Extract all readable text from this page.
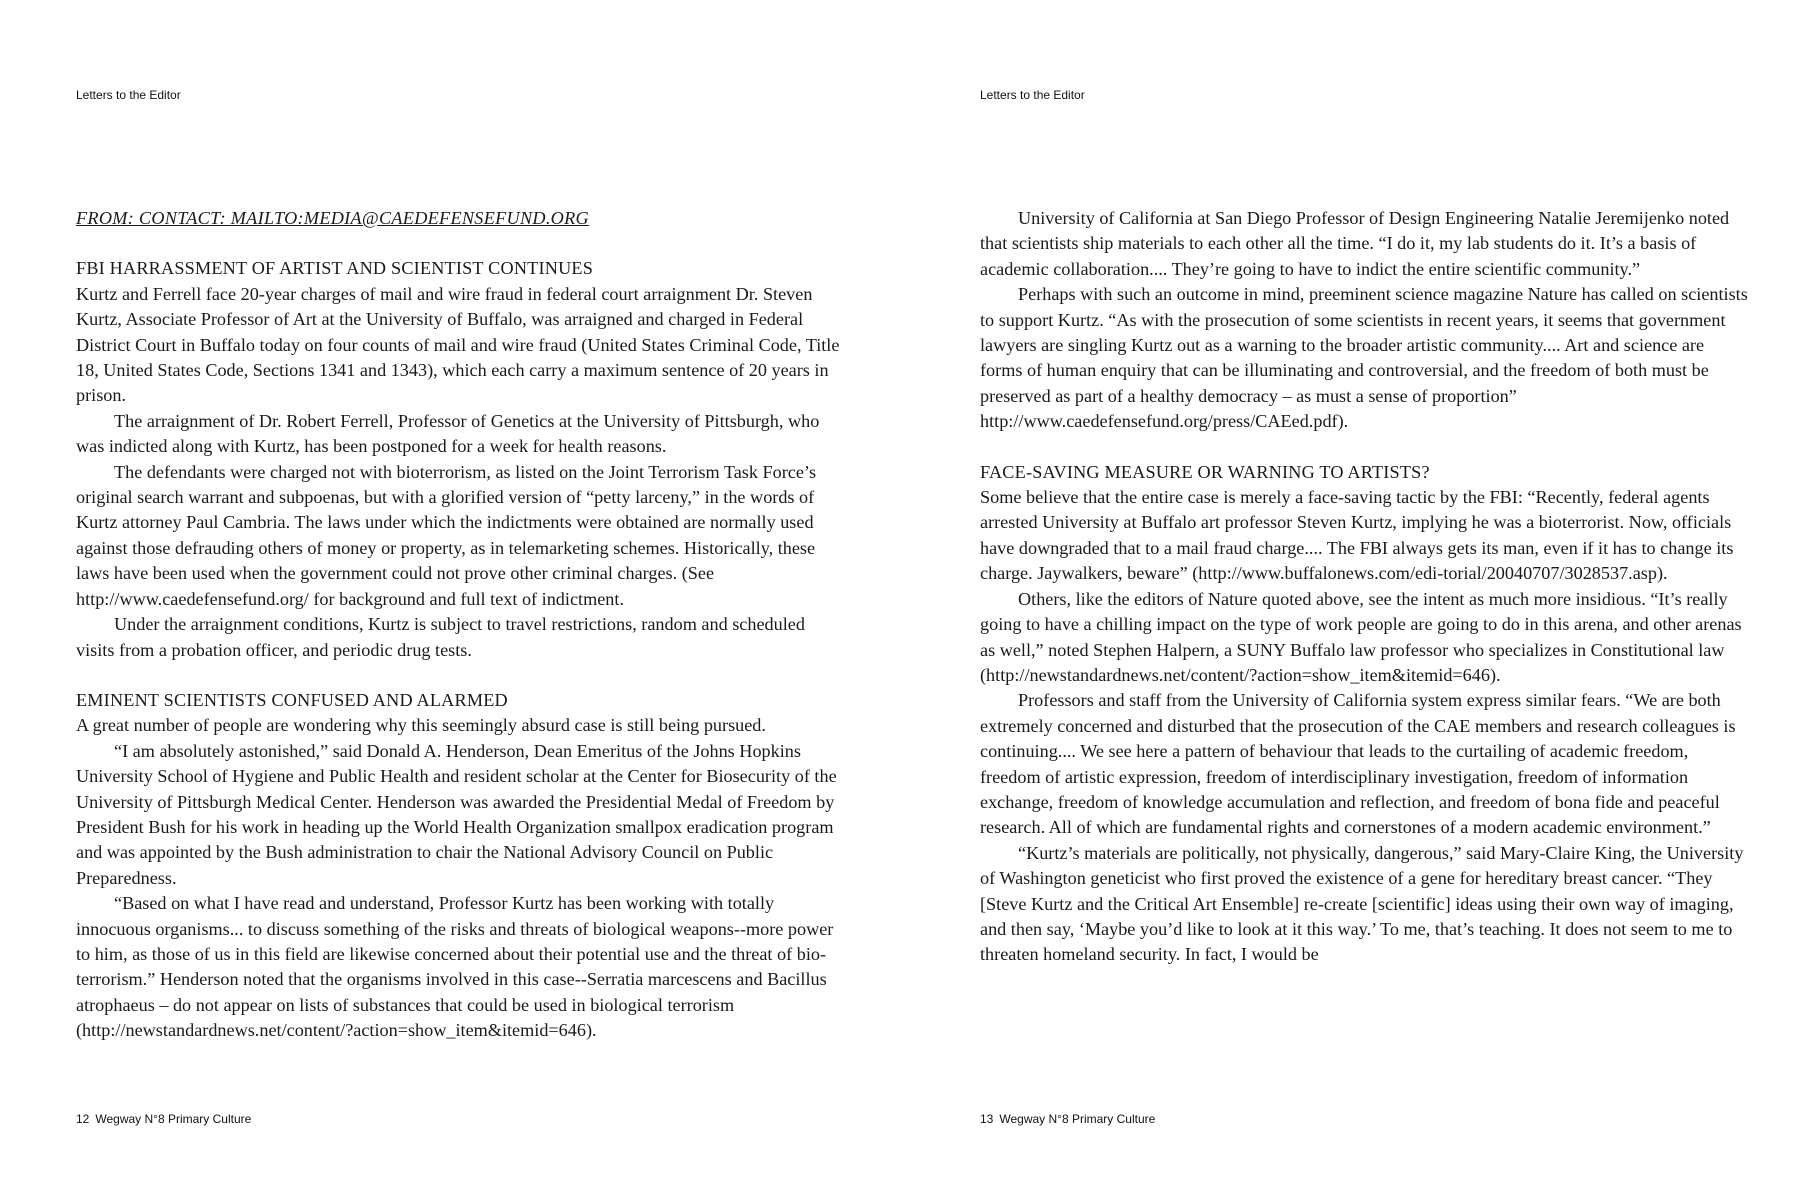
Letters to the Editor

FROM: CONTACT: MAILTO:MEDIA@CAEDEFENSEFUND.ORG

FBI HARRASSMENT OF ARTIST AND SCIENTIST CONTINUES

Kurtz and Ferrell face 20-year charges of mail and wire fraud in federal court arraignment Dr. Steven Kurtz, Associate Professor of Art at the University of Buffalo, was arraigned and charged in Federal District Court in Buffalo today on four counts of mail and wire fraud (United States Criminal Code, Title 18, United States Code, Sections 1341 and 1343), which each carry a maximum sentence of 20 years in prison.

The arraignment of Dr. Robert Ferrell, Professor of Genetics at the University of Pittsburgh, who was indicted along with Kurtz, has been postponed for a week for health reasons.

The defendants were charged not with bioterrorism, as listed on the Joint Terrorism Task Force’s original search warrant and subpoenas, but with a glorified version of “petty larceny,” in the words of Kurtz attorney Paul Cambria. The laws under which the indictments were obtained are normally used against those defrauding others of money or property, as in telemarketing schemes. Historically, these laws have been used when the government could not prove other criminal charges. (See http://www.caedefensefund.org/ for background and full text of indictment.

Under the arraignment conditions, Kurtz is subject to travel restrictions, random and scheduled visits from a probation officer, and periodic drug tests.

EMINENT SCIENTISTS CONFUSED AND ALARMED

A great number of people are wondering why this seemingly absurd case is still being pursued.

“I am absolutely astonished,” said Donald A. Henderson, Dean Emeritus of the Johns Hopkins University School of Hygiene and Public Health and resident scholar at the Center for Biosecurity of the University of Pittsburgh Medical Center. Henderson was awarded the Presidential Medal of Freedom by President Bush for his work in heading up the World Health Organization smallpox eradication program and was appointed by the Bush administration to chair the National Advisory Council on Public Preparedness.

“Based on what I have read and understand, Professor Kurtz has been working with totally innocuous organisms... to discuss something of the risks and threats of biological weapons--more power to him, as those of us in this field are likewise concerned about their potential use and the threat of bio-terrorism.” Henderson noted that the organisms involved in this case--Serratia marcescens and Bacillus atrophaeus – do not appear on lists of substances that could be used in biological terrorism (http://newstandardnews.net/content/?action=show_item&itemid=646).

12 Wegway N°8 Primary Culture
Letters to the Editor

University of California at San Diego Professor of Design Engineering Natalie Jeremijenko noted that scientists ship materials to each other all the time. “I do it, my lab students do it. It’s a basis of academic collaboration.... They’re going to have to indict the entire scientific community.”

Perhaps with such an outcome in mind, preeminent science magazine Nature has called on scientists to support Kurtz. “As with the prosecution of some scientists in recent years, it seems that government lawyers are singling Kurtz out as a warning to the broader artistic community.... Art and science are forms of human enquiry that can be illuminating and controversial, and the freedom of both must be preserved as part of a healthy democracy – as must a sense of proportion” http://www.caedefensefund.org/press/CAEed.pdf).

FACE-SAVING MEASURE OR WARNING TO ARTISTS?

Some believe that the entire case is merely a face-saving tactic by the FBI: “Recently, federal agents arrested University at Buffalo art professor Steven Kurtz, implying he was a bioterrorist. Now, officials have downgraded that to a mail fraud charge.... The FBI always gets its man, even if it has to change its charge. Jaywalkers, beware” (http://www.buffalonews.com/edi-torial/20040707/3028537.asp).

Others, like the editors of Nature quoted above, see the intent as much more insidious. “It’s really going to have a chilling impact on the type of work people are going to do in this arena, and other arenas as well,” noted Stephen Halpern, a SUNY Buffalo law professor who specializes in Constitutional law

(http://newstandardnews.net/content/?action=show_item&itemid=646).

Professors and staff from the University of California system express similar fears. “We are both extremely concerned and disturbed that the prosecution of the CAE members and research colleagues is continuing.... We see here a pattern of behaviour that leads to the curtailing of academic freedom, freedom of artistic expression, freedom of interdisciplinary investigation, freedom of information exchange, freedom of knowledge accumulation and reflection, and freedom of bona fide and peaceful research. All of which are fundamental rights and cornerstones of a modern academic environment.”

“Kurtz’s materials are politically, not physically, dangerous,” said Mary-Claire King, the University of Washington geneticist who first proved the existence of a gene for hereditary breast cancer. “They [Steve Kurtz and the Critical Art Ensemble] re-create [scientific] ideas using their own way of imaging, and then say, ‘Maybe you’d like to look at it this way.’ To me, that’s teaching. It does not seem to me to threaten homeland security. In fact, I would be

13 Wegway N°8 Primary Culture
